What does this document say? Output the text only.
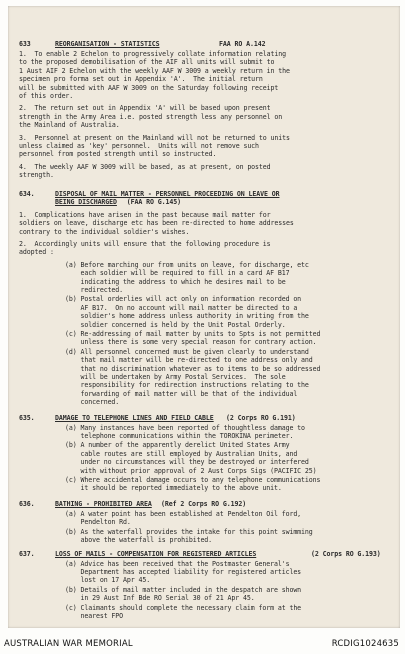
633	REORGANISATION - STATISTICS	FAA RO A.142
1.  To enable 2 Echelon to progressively collate information relating
to the proposed demobilisation of the AIF all units will submit to
1 Aust AIF 2 Echelon with the weekly AAF W 3009 a weekly return in the
specimen pro forma set out in Appendix 'A'.  The initial return
will be submitted with AAF W 3009 on the Saturday following receipt
of this order.
2.  The return set out in Appendix 'A' will be based upon present
strength in the Army Area i.e. posted strength less any personnel on
the Mainland of Australia.
3.  Personnel at present on the Mainland will not be returned to units
unless claimed as 'key' personnel.  Units will not remove such
personnel from posted strength until so instructed.
4.  The weekly AAF W 3009 will be based, as at present, on posted
strength.
634.	DISPOSAL OF MAIL MATTER - PERSONNEL PROCEEDING ON LEAVE OR
BEING DISCHARGED (FAA RO G.145)
1.  Complications have arisen in the past because mail matter for
soldiers on leave, discharge etc has been re-directed to home addresses
contrary to the individual soldier's wishes.
2.  Accordingly units will ensure that the following procedure is
adopted :
(a) Before marching our from units on leave, for discharge, etc
each soldier will be required to fill in a card AF B17
indicating the address to which he desires mail to be
redirected.
(b) Postal orderlies will act only on information recorded on
AF B17.  On no account will mail matter be directed to a
soldier's home address unless authority in writing from the
soldier concerned is held by the Unit Postal Orderly.
(c) Re-addressing of mail matter by units to Spts is not permitted
unless there is some very special reason for contrary action.
(d) All personnel concerned must be given clearly to understand
that mail matter will be re-directed to one address only and
that no discrimination whatever as to items to be so addressed
will be undertaken by Army Postal Services.  The sole
responsibility for redirection instructions relating to the
forwarding of mail matter will be that of the individual
concerned.
635.	DAMAGE TO TELEPHONE LINES AND FIELD CABLE (2 Corps RO G.191)
(a) Many instances have been reported of thoughtless damage to
telephone communications within the TOROKINA perimeter.
(b) A number of the apparently derelict United States Army
cable routes are still employed by Australian Units, and
under no circumstances will they be destroyed or interfered
with without prior approval of 2 Aust Corps Sigs (PACIFIC 25)
(c) Where accidental damage occurs to any telephone communications
it should be reported immediately to the above unit.
636.	BATHING - PROHIBITED AREA (Ref 2 Corps RO G.192)
(a) A water point has been established at Pendelton Oil ford,
Pendelton Rd.
(b) As the waterfall provides the intake for this point swimming
above the waterfall is prohibited.
637.	LOSS OF MAILS - COMPENSATION FOR REGISTERED ARTICLES	(2 Corps RO G.193)
(a) Advice has been received that the Postmaster General's
Department has accepted liability for registered articles
lost on 17 Apr 45.
(b) Details of mail matter included in the despatch are shown
in 29 Aust Inf Bde RO Serial 30 of 21 Apr 45.
(c) Claimants should complete the necessary claim form at the
nearest FPO
AUSTRALIAN WAR MEMORIAL	RCDIG1024635
